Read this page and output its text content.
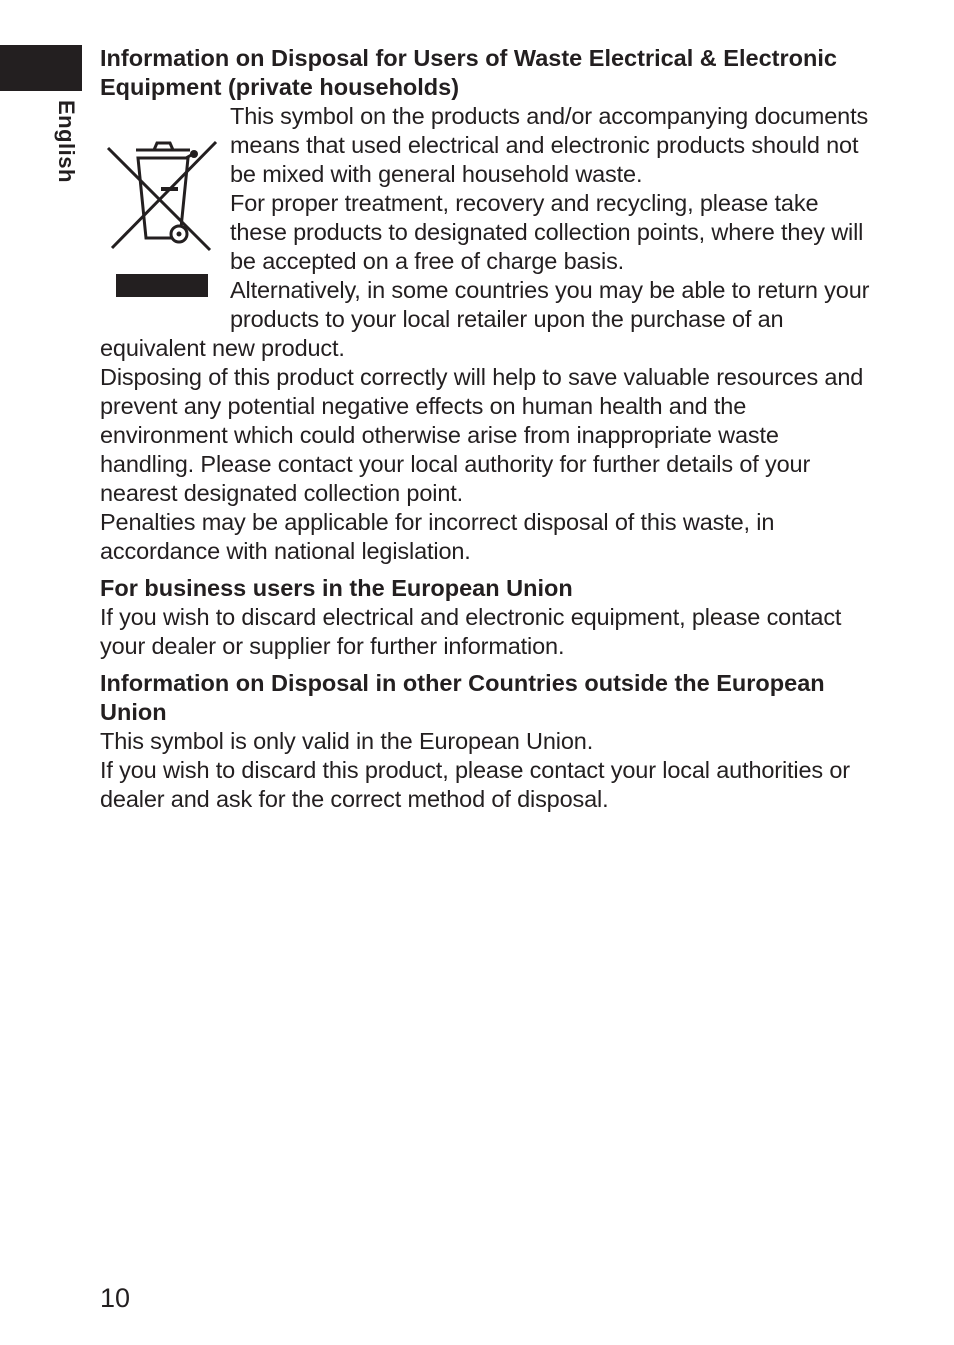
English
Information on Disposal for Users of Waste Electrical & Electronic Equipment (private households)

This symbol on the products and/or accompanying documents means that used electrical and electronic products should not be mixed with general household waste.

For proper treatment, recovery and recycling, please take these products to designated collection points, where they will be accepted on a free of charge basis.

Alternatively, in some countries you may be able to return your products to your local retailer upon the purchase of an equivalent new product.

Disposing of this product correctly will help to save valuable resources and prevent any potential negative effects on human health and the environment which could otherwise arise from inappropriate waste handling. Please contact your local authority for further details of your nearest designated collection point.

Penalties may be applicable for incorrect disposal of this waste, in accordance with national legislation.

For business users in the European Union

If you wish to discard electrical and electronic equipment, please contact your dealer or supplier for further information.

Information on Disposal in other Countries outside the European Union

This symbol is only valid in the European Union.

If you wish to discard this product, please contact your local authorities or dealer and ask for the correct method of disposal.

10
